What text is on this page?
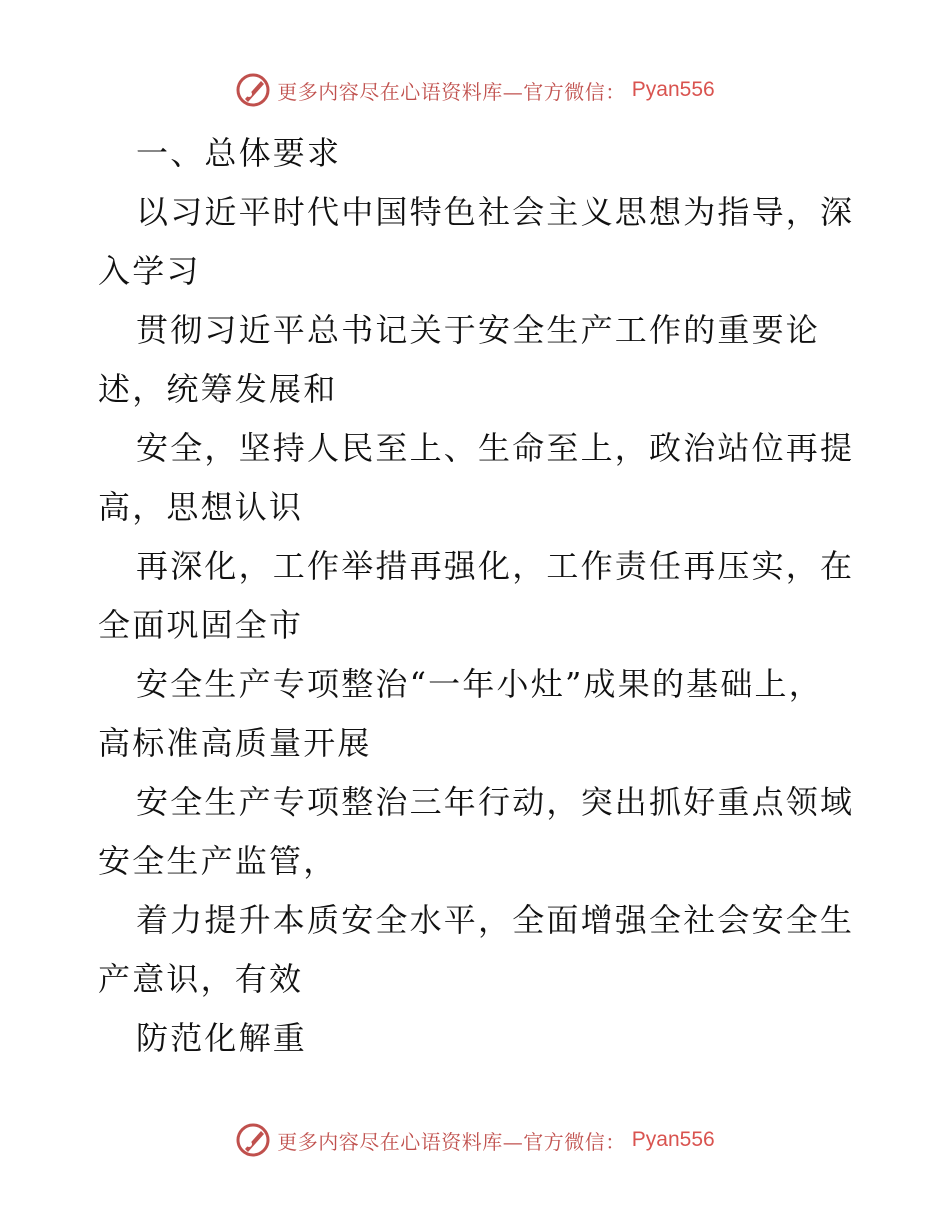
更多内容尽在心语资料库—官方微信： Pyan556
一、总体要求
以习近平时代中国特色社会主义思想为指导，深
入学习
贯彻习近平总书记关于安全生产工作的重要论
述，统筹发展和
安全，坚持人民至上、生命至上，政治站位再提
高，思想认识
再深化，工作举措再强化，工作责任再压实，在
全面巩固全市
安全生产专项整治“一年小灶”成果的基础上，
高标准高质量开展
安全生产专项整治三年行动，突出抓好重点领域
安全生产监管，
着力提升本质安全水平，全面增强全社会安全生
产意识，有效
防范化解重
更多内容尽在心语资料库—官方微信： Pyan556
